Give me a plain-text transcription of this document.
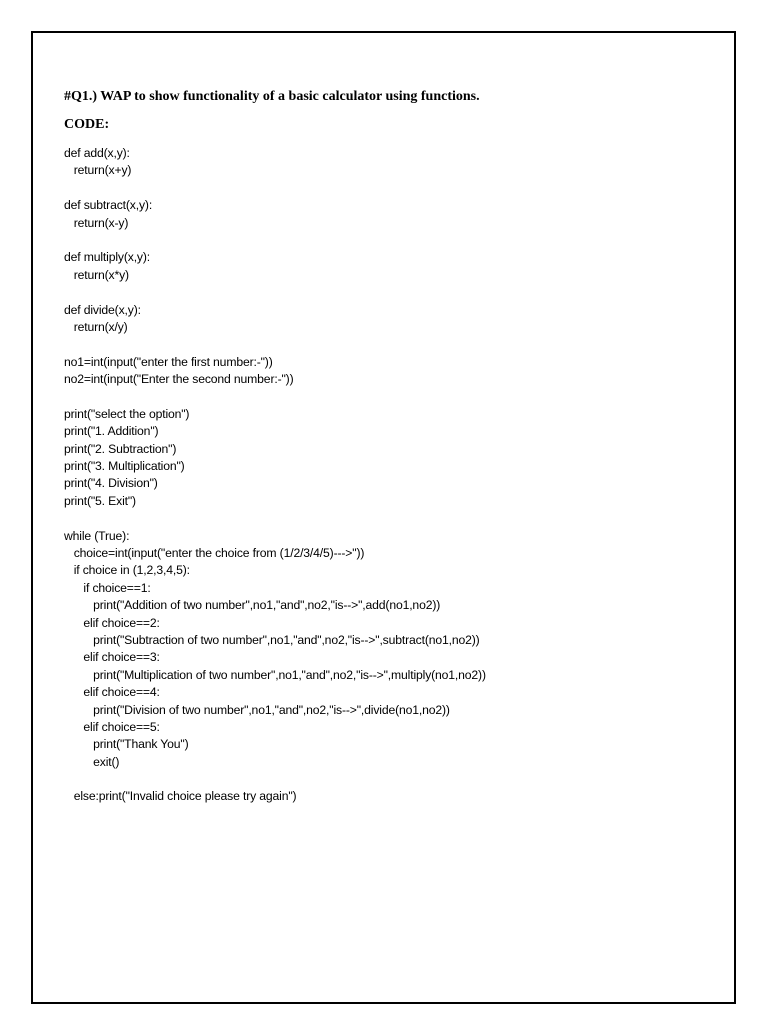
#Q1.) WAP to show functionality of a basic calculator using functions.
CODE:
def add(x,y):
return(x+y)
def subtract(x,y):
return(x-y)
def multiply(x,y):
return(x*y)
def divide(x,y):
return(x/y)
no1=int(input("enter the first number:-"))
no2=int(input("Enter the second number:-"))
print("select the option")
print("1. Addition")
print("2. Subtraction")
print("3. Multiplication")
print("4. Division")
print("5. Exit")
while (True):
choice=int(input("enter the choice from (1/2/3/4/5)--->"))
if choice in (1,2,3,4,5):
if choice==1:
print("Addition of two number",no1,"and",no2,"is-->",add(no1,no2))
elif choice==2:
print("Subtraction of two number",no1,"and",no2,"is-->",subtract(no1,no2))
elif choice==3:
print("Multiplication of two number",no1,"and",no2,"is-->",multiply(no1,no2))
elif choice==4:
print("Division of two number",no1,"and",no2,"is-->",divide(no1,no2))
elif choice==5:
print("Thank You")
exit()
else:print("Invalid choice please try again")
